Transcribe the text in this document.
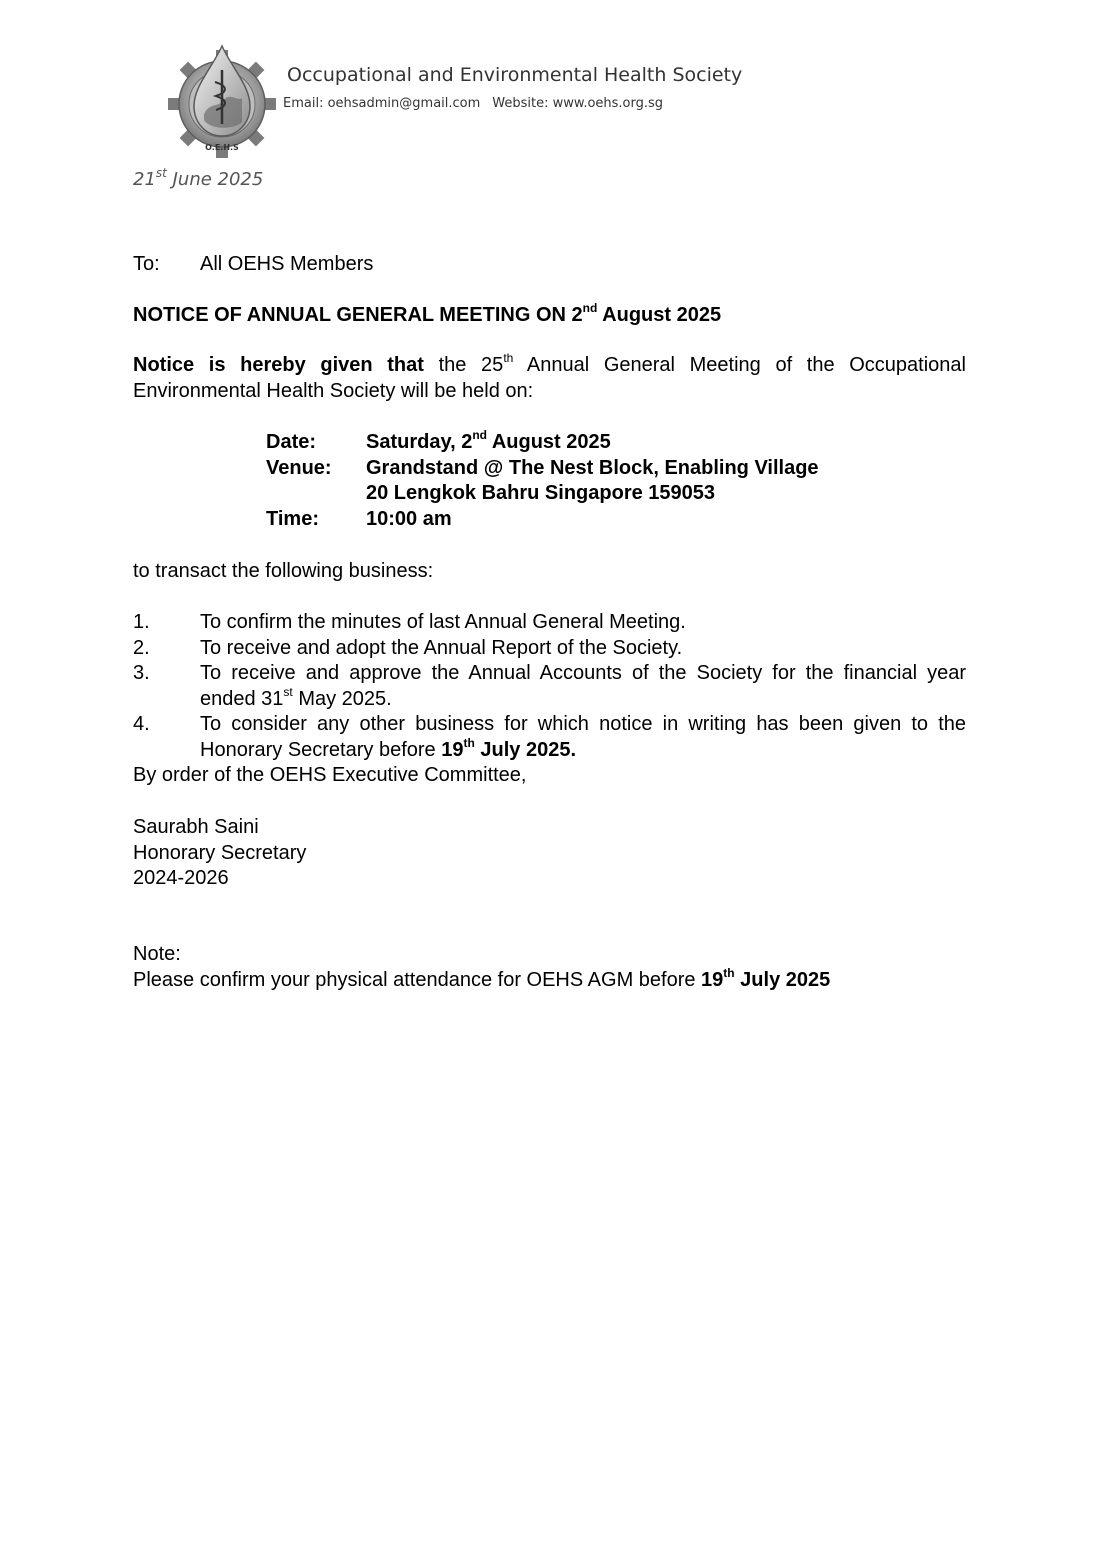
O.E.H.S
Occupational and Environmental Health Society
Email: oehsadmin@gmail.com Website: www.oehs.org.sg
21st June 2025
To: All OEHS Members
NOTICE OF ANNUAL GENERAL MEETING ON 2nd August 2025
Notice is hereby given that the 25th Annual General Meeting of the Occupational Environmental Health Society will be held on:
Date: Saturday, 2nd August 2025
Venue: Grandstand @ The Nest Block, Enabling Village
20 Lengkok Bahru Singapore 159053
Time: 10:00 am
to transact the following business:
1.	To confirm the minutes of last Annual General Meeting.
2.	To receive and adopt the Annual Report of the Society.
3.	To receive and approve the Annual Accounts of the Society for the financial year ended 31st May 2025.
4.	To consider any other business for which notice in writing has been given to the Honorary Secretary before 19th July 2025.
By order of the OEHS Executive Committee,
Saurabh Saini
Honorary Secretary
2024-2026
Note:
Please confirm your physical attendance for OEHS AGM before 19th July 2025
